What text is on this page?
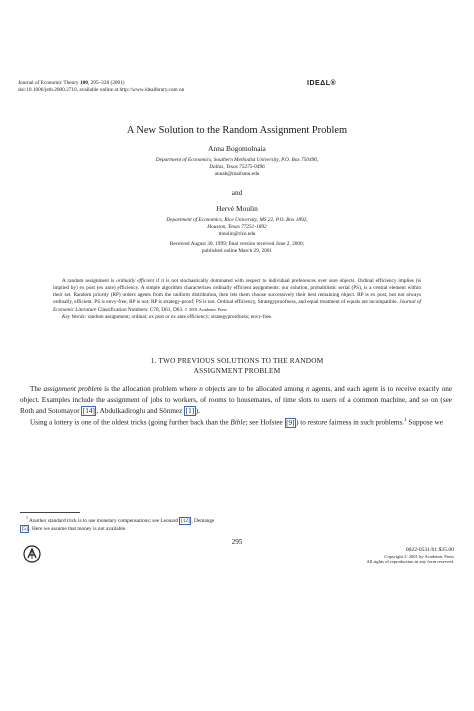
Journal of Economic Theory 100, 295–328 (2001)
doi:10.1006/jeth.2000.2710, available online at http://www.idealibrary.com on
IDEΔL®
A New Solution to the Random Assignment Problem
Anna Bogomolnaia
Department of Economics, Southern Methodist University, P.O. Box 750496,
Dallas, Texas 75275-0496
annab@mailsmu.edu
and
Hervè Moulin
Department of Economics, Rice University, MS 22, P.O. Box 1892,
Houston, Texas 77251-1892
moulin@rice.edu
Received August 30, 1999; final version received June 2, 2000;
published online March 29, 2001

A random assignment is ordinally efficient if it is not stochastically dominated with respect to individual preferences over sure objects. Ordinal efficiency implies (is implied by) ex post (ex ante) efficiency. A simple algorithm characterizes ordinally efficient assignments: our solution, probabilistic serial (PS), is a central element within their set. Random priority (RP) orders agents from the uniform distribution, then lets them choose successively their best remaining object. RP is ex post, but not always ordinally, efficient. PS is envy-free; RP is not; RP is strategy-proof; PS is not. Ordinal efficiency, Strategyproofness, and equal treatment of equals are incompatible. Journal of Economic Literature Classification Numbers: C78, D61, D63. © 2001 Academic Press

Key Words: random assignment; ordinal; ex post or ex ante efficiency; strategyproofness; envy-free.

1. TWO PREVIOUS SOLUTIONS TO THE RANDOM
ASSIGNMENT PROBLEM

The assignment problem is the allocation problem where n objects are to be allocated among n agents, and each agent is to receive exactly one object. Examples include the assignment of jobs to workers, of rooms to housemates, of time slots to users of a common machine, and so on (see Roth and Sotomayor [14] , Abdulkadiroglu and Sönmez [1] ).

Using a lottery is one of the oldest tricks (going further back than the Bible; see Hofstee [9] ) to restore fairness in such problems.$^1$ Suppose we

$^1$ Another standard trick is to use monetary compensations; see Leonard [12] , Demange
[5] . Here we assume that money is not available.
295
0022-0531/01 $35.00
Copyright © 2001 by Academic Press
All rights of reproduction in any form reserved.
